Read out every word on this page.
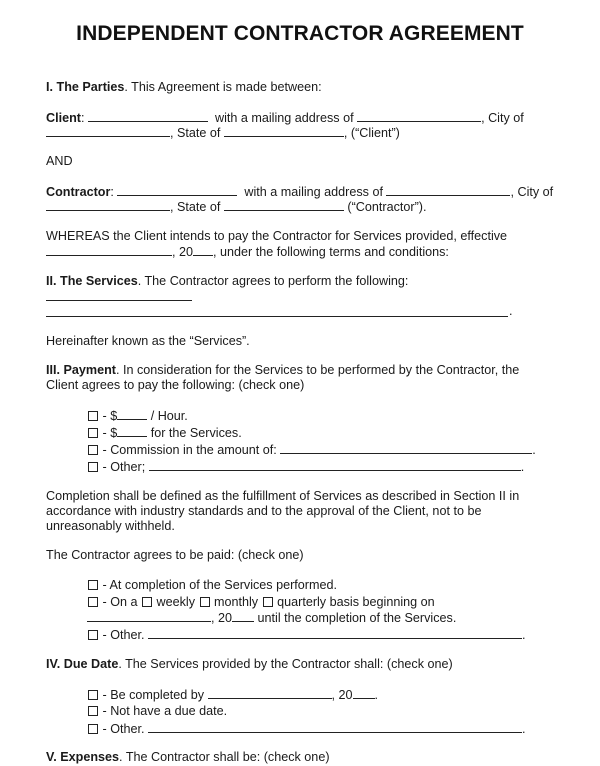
INDEPENDENT CONTRACTOR AGREEMENT
I. The Parties. This Agreement is made between:
Client:	with a mailing address of	, City of
, State of	, (“Client”)
AND
Contractor:	with a mailing address of	, City of
, State of	(“Contractor”).
WHEREAS the Client intends to pay the Contractor for Services provided, effective
, 20 , under the following terms and conditions:
II. The Services. The Contractor agrees to perform the following:
.
Hereinafter known as the “Services”.
III. Payment. In consideration for the Services to be performed by the Contractor, the
Client agrees to pay the following: (check one)
- $ / Hour.
- $ for the Services.
- Commission in the amount of:	.
- Other;	.
Completion shall be defined as the fulfillment of Services as described in Section II in
accordance with industry standards and to the approval of the Client, not to be
unreasonably withheld.
The Contractor agrees to be paid: (check one)
- At completion of the Services performed.
- On a  weekly  monthly  quarterly basis beginning on
, 20 until the completion of the Services.
- Other.	.
IV. Due Date. The Services provided by the Contractor shall: (check one)
- Be completed by	, 20 .
- Not have a due date.
- Other.	.
V. Expenses. The Contractor shall be: (check one)
